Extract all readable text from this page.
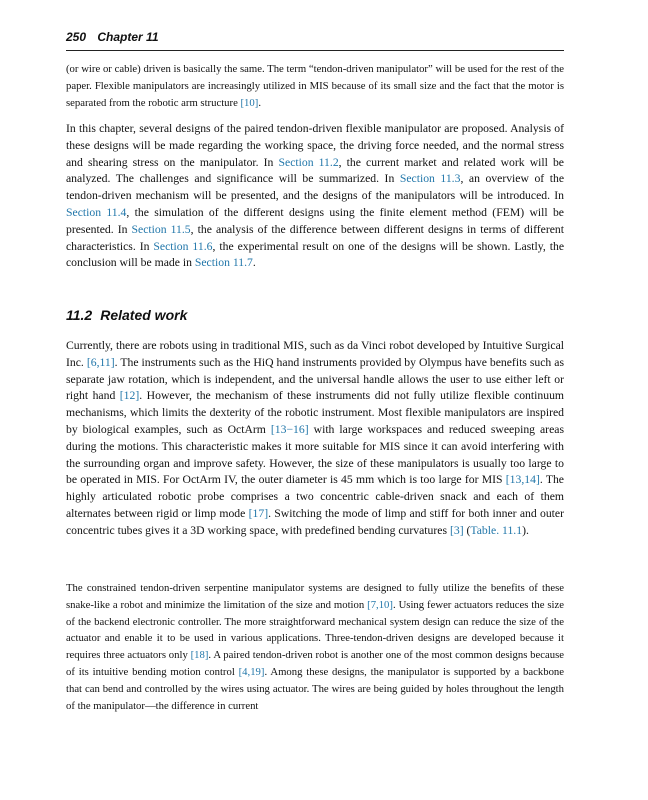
250 Chapter 11

(or wire or cable) driven is basically the same. The term “tendon-driven manipulator” will be used for the rest of the paper. Flexible manipulators are increasingly utilized in MIS because of its small size and the fact that the motor is separated from the robotic arm structure [10].

In this chapter, several designs of the paired tendon-driven flexible manipulator are proposed. Analysis of these designs will be made regarding the working space, the driving force needed, and the normal stress and shearing stress on the manipulator. In Section 11.2, the current market and related work will be analyzed. The challenges and significance will be summarized. In Section 11.3, an overview of the tendon-driven mechanism will be presented, and the designs of the manipulators will be introduced. In Section 11.4, the simulation of the different designs using the finite element method (FEM) will be presented. In Section 11.5, the analysis of the difference between different designs in terms of different characteristics. In Section 11.6, the experimental result on one of the designs will be shown. Lastly, the conclusion will be made in Section 11.7.

11.2 Related work

Currently, there are robots using in traditional MIS, such as da Vinci robot developed by Intuitive Surgical Inc. [6,11]. The instruments such as the HiQ hand instruments provided by Olympus have benefits such as separate jaw rotation, which is independent, and the universal handle allows the user to use either left or right hand [12]. However, the mechanism of these instruments did not fully utilize flexible continuum mechanisms, which limits the dexterity of the robotic instrument. Most flexible manipulators are inspired by biological examples, such as OctArm [13−16] with large workspaces and reduced sweeping areas during the motions. This characteristic makes it more suitable for MIS since it can avoid interfering with the surrounding organ and improve safety. However, the size of these manipulators is usually too large to be operated in MIS. For OctArm IV, the outer diameter is 45 mm which is too large for MIS [13,14]. The highly articulated robotic probe comprises a two concentric cable-driven snack and each of them alternates between rigid or limp mode [17]. Switching the mode of limp and stiff for both inner and outer concentric tubes gives it a 3D working space, with predefined bending curvatures [3] (Table. 11.1).

The constrained tendon-driven serpentine manipulator systems are designed to fully utilize the benefits of these snake-like a robot and minimize the limitation of the size and motion [7,10]. Using fewer actuators reduces the size of the backend electronic controller. The more straightforward mechanical system design can reduce the size of the actuator and enable it to be used in various applications. Three-tendon-driven designs are developed because it requires three actuators only [18]. A paired tendon-driven robot is another one of the most common designs because of its intuitive bending motion control [4,19]. Among these designs, the manipulator is supported by a backbone that can bend and controlled by the wires using actuator. The wires are being guided by holes throughout the length of the manipulator—the difference in current
